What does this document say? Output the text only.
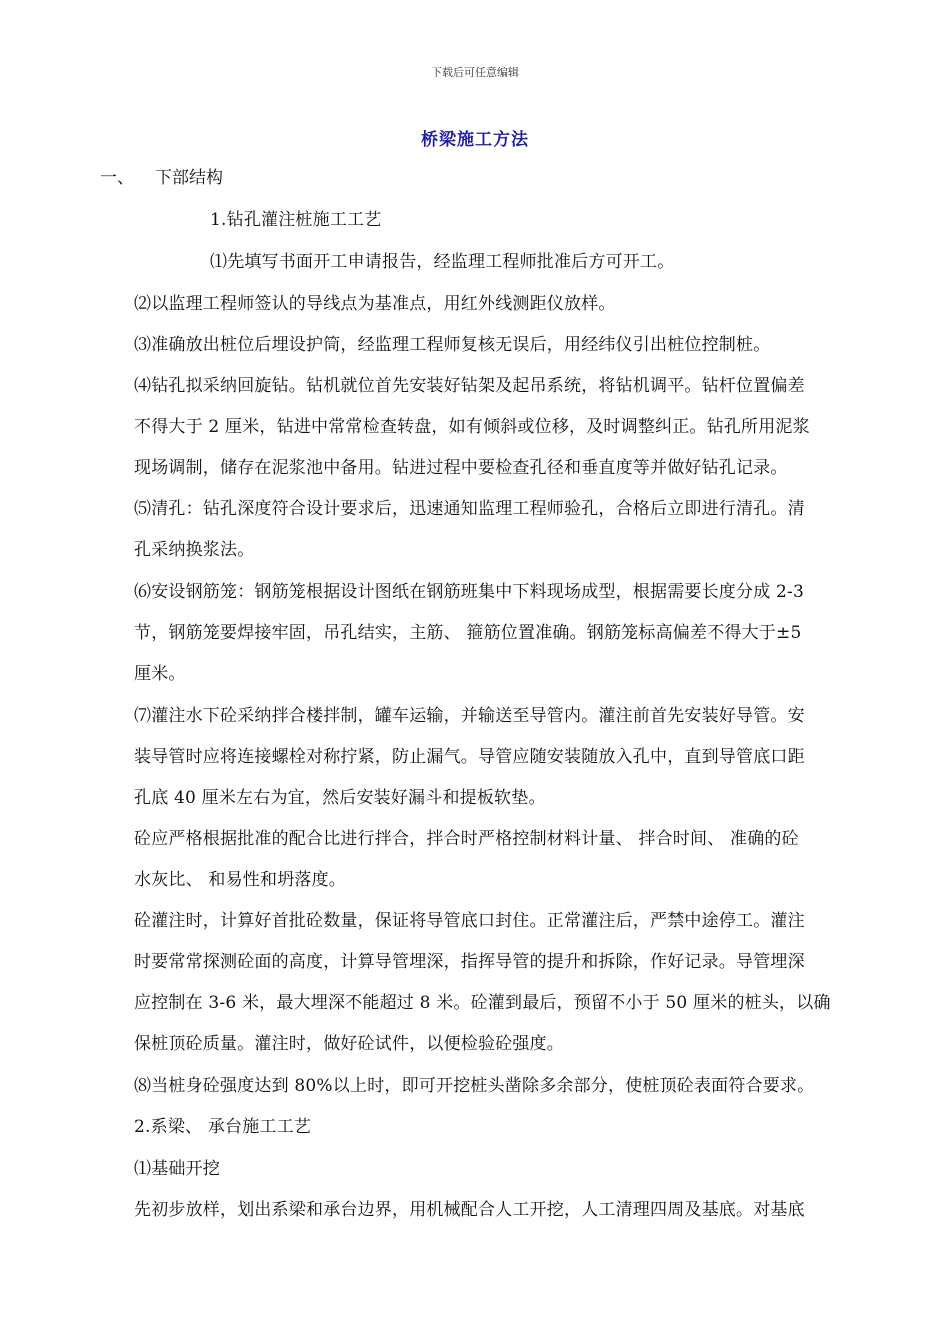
下载后可任意编辑
桥梁施工方法
一、 下部结构
1.钻孔灌注桩施工工艺
⑴先填写书面开工申请报告，经监理工程师批准后方可开工。
⑵以监理工程师签认的导线点为基准点，用红外线测距仪放样。
⑶准确放出桩位后埋设护筒，经监理工程师复核无误后，用经纬仪引出桩位控制桩。
⑷钻孔拟采纳回旋钻。钻机就位首先安装好钻架及起吊系统，将钻机调平。钻杆位置偏差
不得大于 2 厘米，钻进中常常检查转盘，如有倾斜或位移，及时调整纠正。钻孔所用泥浆
现场调制，储存在泥浆池中备用。钻进过程中要检查孔径和垂直度等并做好钻孔记录。
⑸清孔：钻孔深度符合设计要求后，迅速通知监理工程师验孔，合格后立即进行清孔。清
孔采纳换浆法。
⑹安设钢筋笼：钢筋笼根据设计图纸在钢筋班集中下料现场成型，根据需要长度分成 2-3
节，钢筋笼要焊接牢固，吊孔结实，主筋、 箍筋位置准确。钢筋笼标高偏差不得大于±5
厘米。
⑺灌注水下砼采纳拌合楼拌制，罐车运输，并输送至导管内。灌注前首先安装好导管。安
装导管时应将连接螺栓对称拧紧，防止漏气。导管应随安装随放入孔中，直到导管底口距
孔底 40 厘米左右为宜，然后安装好漏斗和提板软垫。
砼应严格根据批准的配合比进行拌合，拌合时严格控制材料计量、 拌合时间、 准确的砼
水灰比、 和易性和坍落度。
砼灌注时，计算好首批砼数量，保证将导管底口封住。正常灌注后，严禁中途停工。灌注
时要常常探测砼面的高度，计算导管埋深，指挥导管的提升和拆除，作好记录。导管埋深
应控制在 3-6 米，最大埋深不能超过 8 米。砼灌到最后，预留不小于 50 厘米的桩头，以确
保桩顶砼质量。灌注时，做好砼试件，以便检验砼强度。
⑻当桩身砼强度达到 80%以上时，即可开挖桩头凿除多余部分，使桩顶砼表面符合要求。
2.系梁、 承台施工工艺
⑴基础开挖
先初步放样，划出系梁和承台边界，用机械配合人工开挖，人工清理四周及基底。对基底
